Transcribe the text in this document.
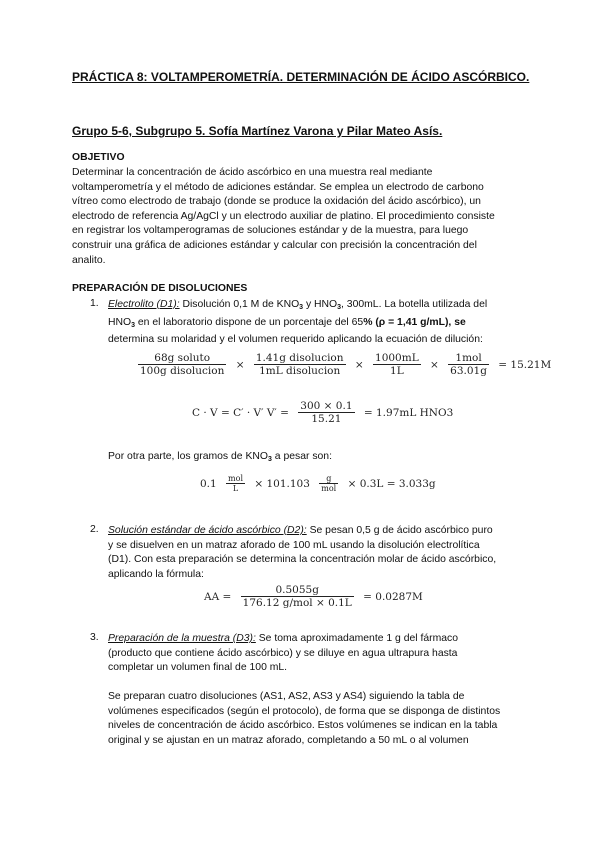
PRÁCTICA 8: VOLTAMPEROMETRÍA. DETERMINACIÓN DE ÁCIDO ASCÓRBICO.
Grupo 5-6, Subgrupo 5. Sofía Martínez Varona y Pilar Mateo Asís.
OBJETIVO
Determinar la concentración de ácido ascórbico en una muestra real mediante
voltamperometría y el método de adiciones estándar. Se emplea un electrodo de carbono
vítreo como electrodo de trabajo (donde se produce la oxidación del ácido ascórbico), un
electrodo de referencia Ag/AgCl y un electrodo auxiliar de platino. El procedimiento consiste
en registrar los voltamperogramas de soluciones estándar y de la muestra, para luego
construir una gráfica de adiciones estándar y calcular con precisión la concentración del
analito.
PREPARACIÓN DE DISOLUCIONES
1. Electrolito (D1): Disolución 0,1 M de $KNO_3$ y $HNO_3$, 300mL. La botella utilizada del
$HNO_3$ en el laboratorio dispone de un porcentaje del 65% (ρ = 1,41 g/mL), se
determina su molaridad y el volumen requerido aplicando la ecuación de dilución:
$\frac{\text{68g soluto}}{\text{100g disolucion}} \times \frac{\text{1.41g disolucion}}{\text{1mL disolucion}} \times \frac{1000mL}{1L} \times \frac{\text{1mol}}{63.01g} = 15.21M$
C · V = C′ · V′ $V' = \frac{300 \times 0.1}{15.21} = 1.97mL$ HNO3
Por otra parte, los gramos de $KNO_3$ a pesar son:
$0.1 \frac{\text{mol}}{L} \times 101.103 \frac{g}{\text{mol}} \times 0.3L = 3.033g$
2. Solución estándar de ácido ascórbico (D2): Se pesan 0,5 g de ácido ascórbico puro
y se disuelven en un matraz aforado de 100 mL usando la disolución electrolítica
(D1). Con esta preparación se determina la concentración molar de ácido ascórbico,
aplicando la fórmula:
AA = $\frac{0.5055g}{\text{176.12 g/mol × 0.1L}} = 0.0287M$
3. Preparación de la muestra (D3): Se toma aproximadamente 1 g del fármaco
(producto que contiene ácido ascórbico) y se diluye en agua ultrapura hasta
completar un volumen final de 100 mL.
Se preparan cuatro disoluciones (AS1, AS2, AS3 y AS4) siguiendo la tabla de
volúmenes especificados (según el protocolo), de forma que se disponga de distintos
niveles de concentración de ácido ascórbico. Estos volúmenes se indican en la tabla
original y se ajustan en un matraz aforado, completando a 50 mL o al volumen
